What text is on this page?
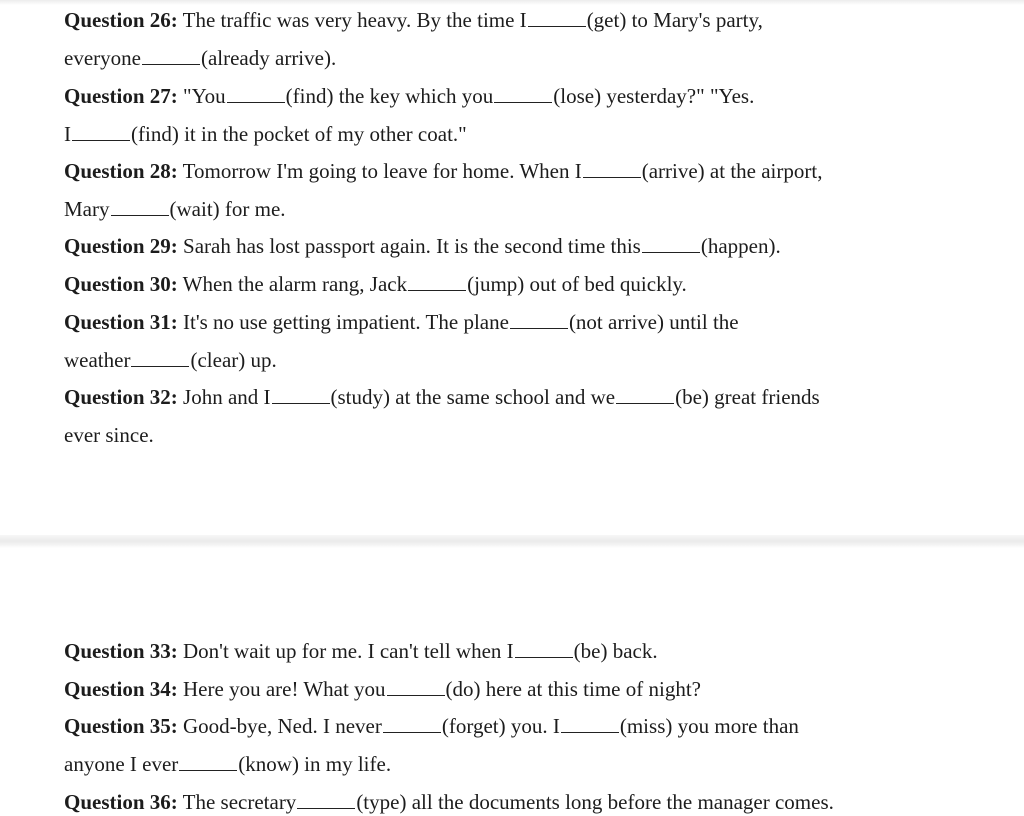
Question 26: The traffic was very heavy. By the time I	(get) to Mary's party,
everyone	(already arrive).
Question 27: "You	(find) the key which you	(lose) yesterday?" "Yes.
I	(find) it in the pocket of my other coat."
Question 28: Tomorrow I'm going to leave for home. When I	(arrive) at the airport,
Mary	(wait) for me.
Question 29: Sarah has lost passport again. It is the second time this	(happen).
Question 30: When the alarm rang, Jack	(jump) out of bed quickly.
Question 31: It's no use getting impatient. The plane	(not arrive) until the
weather	(clear) up.
Question 32: John and I	(study) at the same school and we	(be) great friends
ever since.
Question 33: Don't wait up for me. I can't tell when I	(be) back.
Question 34: Here you are! What you	(do) here at this time of night?
Question 35: Good-bye, Ned. I never	(forget) you. I	(miss) you more than
anyone I ever	(know) in my life.
Question 36: The secretary	(type) all the documents long before the manager comes.
